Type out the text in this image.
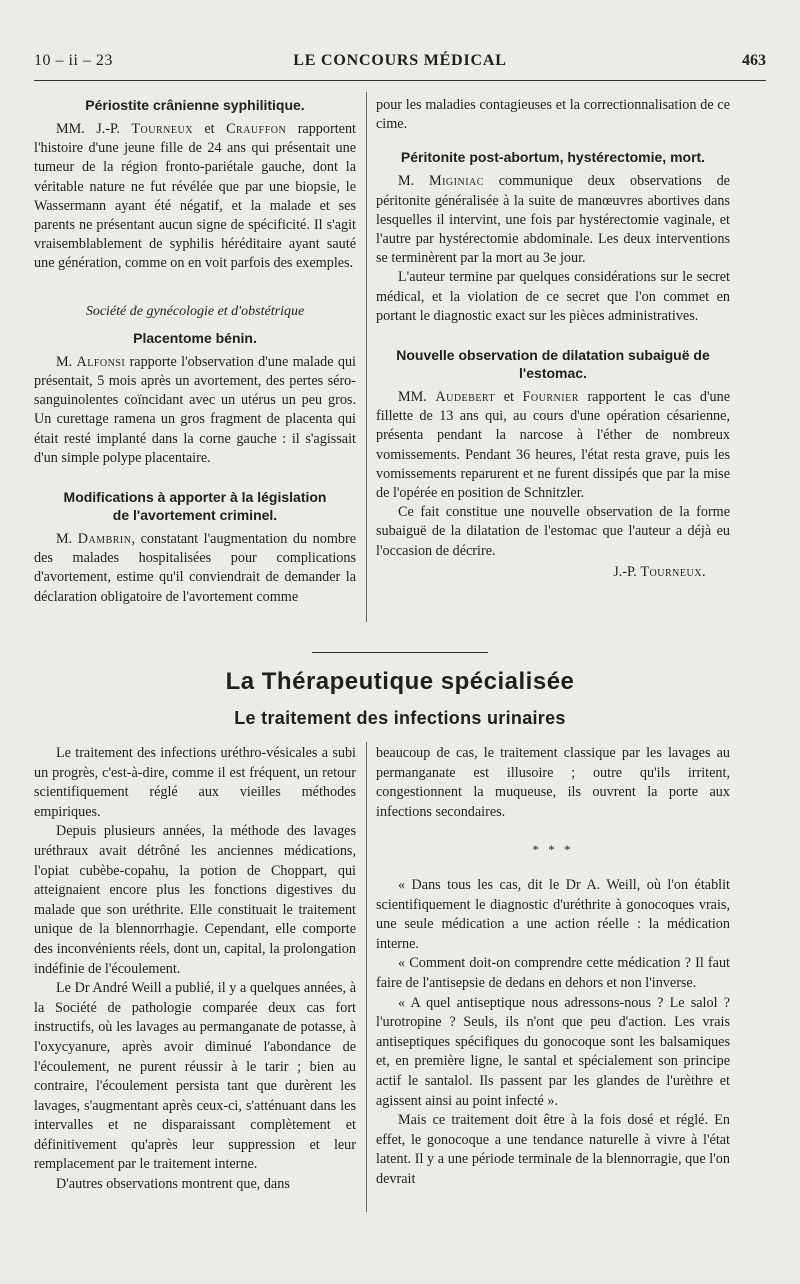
10 – ii – 23	LE CONCOURS MÉDICAL	463
Périostite crânienne syphilitique.

MM. J.-P. Tourneux et Crauffon rapportent l'histoire d'une jeune fille de 24 ans qui présentait une tumeur de la région fronto-pariétale gauche, dont la véritable nature ne fut révélée que par une biopsie, le Wassermann ayant été négatif, et la malade et ses parents ne présentant aucun signe de spécificité. Il s'agit vraisemblablement de syphilis héréditaire ayant sauté une génération, comme on en voit parfois des exemples.

Société de gynécologie et d'obstétrique
Placentome bénin.

M. Alfonsi rapporte l'observation d'une malade qui présentait, 5 mois après un avortement, des pertes séro-sanguinolentes coïncidant avec un utérus un peu gros. Un curettage ramena un gros fragment de placenta qui était resté implanté dans la corne gauche : il s'agissait d'un simple polype placentaire.

Modifications à apporter à la législation
de l'avortement criminel.

M. Dambrin, constatant l'augmentation du nombre des malades hospitalisées pour complications d'avortement, estime qu'il conviendrait de demander la déclaration obligatoire de l'avortement comme

pour les maladies contagieuses et la correctionnalisation de ce cime.

Péritonite post-abortum, hystérectomie, mort.

M. Miginiac communique deux observations de péritonite généralisée à la suite de manœuvres abortives dans lesquelles il intervint, une fois par hystérectomie vaginale, et l'autre par hystérectomie abdominale. Les deux interventions se terminèrent par la mort au 3e jour.

L'auteur termine par quelques considérations sur le secret médical, et la violation de ce secret que l'on commet en portant le diagnostic exact sur les pièces administratives.

Nouvelle observation de dilatation subaiguë de
l'estomac.

MM. Audebert et Fournier rapportent le cas d'une fillette de 13 ans qui, au cours d'une opération césarienne, présenta pendant la narcose à l'éther de nombreux vomissements. Pendant 36 heures, l'état resta grave, puis les vomissements reparurent et ne furent dissipés que par la mise de l'opérée en position de Schnitzler.

Ce fait constitue une nouvelle observation de la forme subaiguë de la dilatation de l'estomac que l'auteur a déjà eu l'occasion de décrire.

J.-P. Tourneux.
La Thérapeutique spécialisée
Le traitement des infections urinaires

Le traitement des infections uréthro-vésicales a subi un progrès, c'est-à-dire, comme il est fréquent, un retour scientifiquement réglé aux vieilles méthodes empiriques.

Depuis plusieurs années, la méthode des lavages uréthraux avait détrôné les anciennes médications, l'opiat cubèbe-copahu, la potion de Choppart, qui atteignaient encore plus les fonctions digestives du malade que son uréthrite. Elle constituait le traitement unique de la blennorrhagie. Cependant, elle comporte des inconvénients réels, dont un, capital, la prolongation indéfinie de l'écoulement.

Le Dr André Weill a publié, il y a quelques années, à la Société de pathologie comparée deux cas fort instructifs, où les lavages au permanganate de potasse, à l'oxycyanure, après avoir diminué l'abondance de l'écoulement, ne purent réussir à le tarir ; bien au contraire, l'écoulement persista tant que durèrent les lavages, s'augmentant après ceux-ci, s'atténuant dans les intervalles et ne disparaissant complètement et définitivement qu'après leur suppression et leur remplacement par le traitement interne.

D'autres observations montrent que, dans

beaucoup de cas, le traitement classique par les lavages au permanganate est illusoire ; outre qu'ils irritent, congestionnent la muqueuse, ils ouvrent la porte aux infections secondaires.

* * *

« Dans tous les cas, dit le Dr A. Weill, où l'on établit scientifiquement le diagnostic d'uréthrite à gonocoques vrais, une seule médication a une action réelle : la médication interne.

« Comment doit-on comprendre cette médication ? Il faut faire de l'antisepsie de dedans en dehors et non l'inverse.

« A quel antiseptique nous adressons-nous ? Le salol ? l'urotropine ? Seuls, ils n'ont que peu d'action. Les vrais antiseptiques spécifiques du gonocoque sont les balsamiques et, en première ligne, le santal et spécialement son principe actif le santalol. Ils passent par les glandes de l'urèthre et agissent ainsi au point infecté ».

Mais ce traitement doit être à la fois dosé et réglé. En effet, le gonocoque a une tendance naturelle à vivre à l'état latent. Il y a une période terminale de la blennorragie, que l'on devrait
